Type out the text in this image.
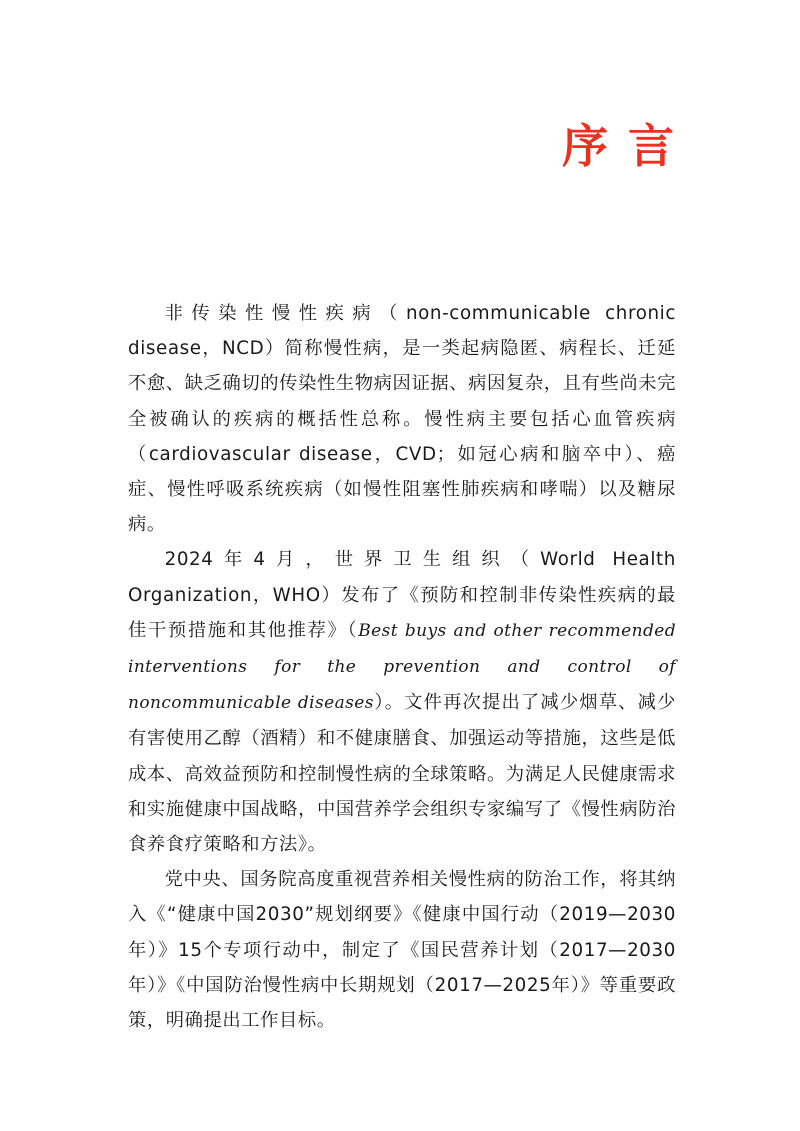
序 言

非传染性慢性疾病（non-communicable chronic disease，NCD）简称慢性病，是一类起病隐匿、病程长、迁延不愈、缺乏确切的传染性生物病因证据、病因复杂，且有些尚未完全被确认的疾病的概括性总称。慢性病主要包括心血管疾病（cardiovascular disease，CVD；如冠心病和脑卒中）、癌症、慢性呼吸系统疾病（如慢性阻塞性肺疾病和哮喘）以及糖尿病。

2024年4月，世界卫生组织（World Health Organization，WHO）发布了《预防和控制非传染性疾病的最佳干预措施和其他推荐》（Best buys and other recommended interventions for the prevention and control of noncommunicable diseases）。文件再次提出了减少烟草、减少有害使用乙醇（酒精）和不健康膳食、加强运动等措施，这些是低成本、高效益预防和控制慢性病的全球策略。为满足人民健康需求和实施健康中国战略，中国营养学会组织专家编写了《慢性病防治食养食疗策略和方法》。

党中央、国务院高度重视营养相关慢性病的防治工作，将其纳入《“健康中国2030”规划纲要》《健康中国行动（2019—2030年）》15个专项行动中，制定了《国民营养计划（2017—2030年）》《中国防治慢性病中长期规划（2017—2025年）》等重要政策，明确提出工作目标。
